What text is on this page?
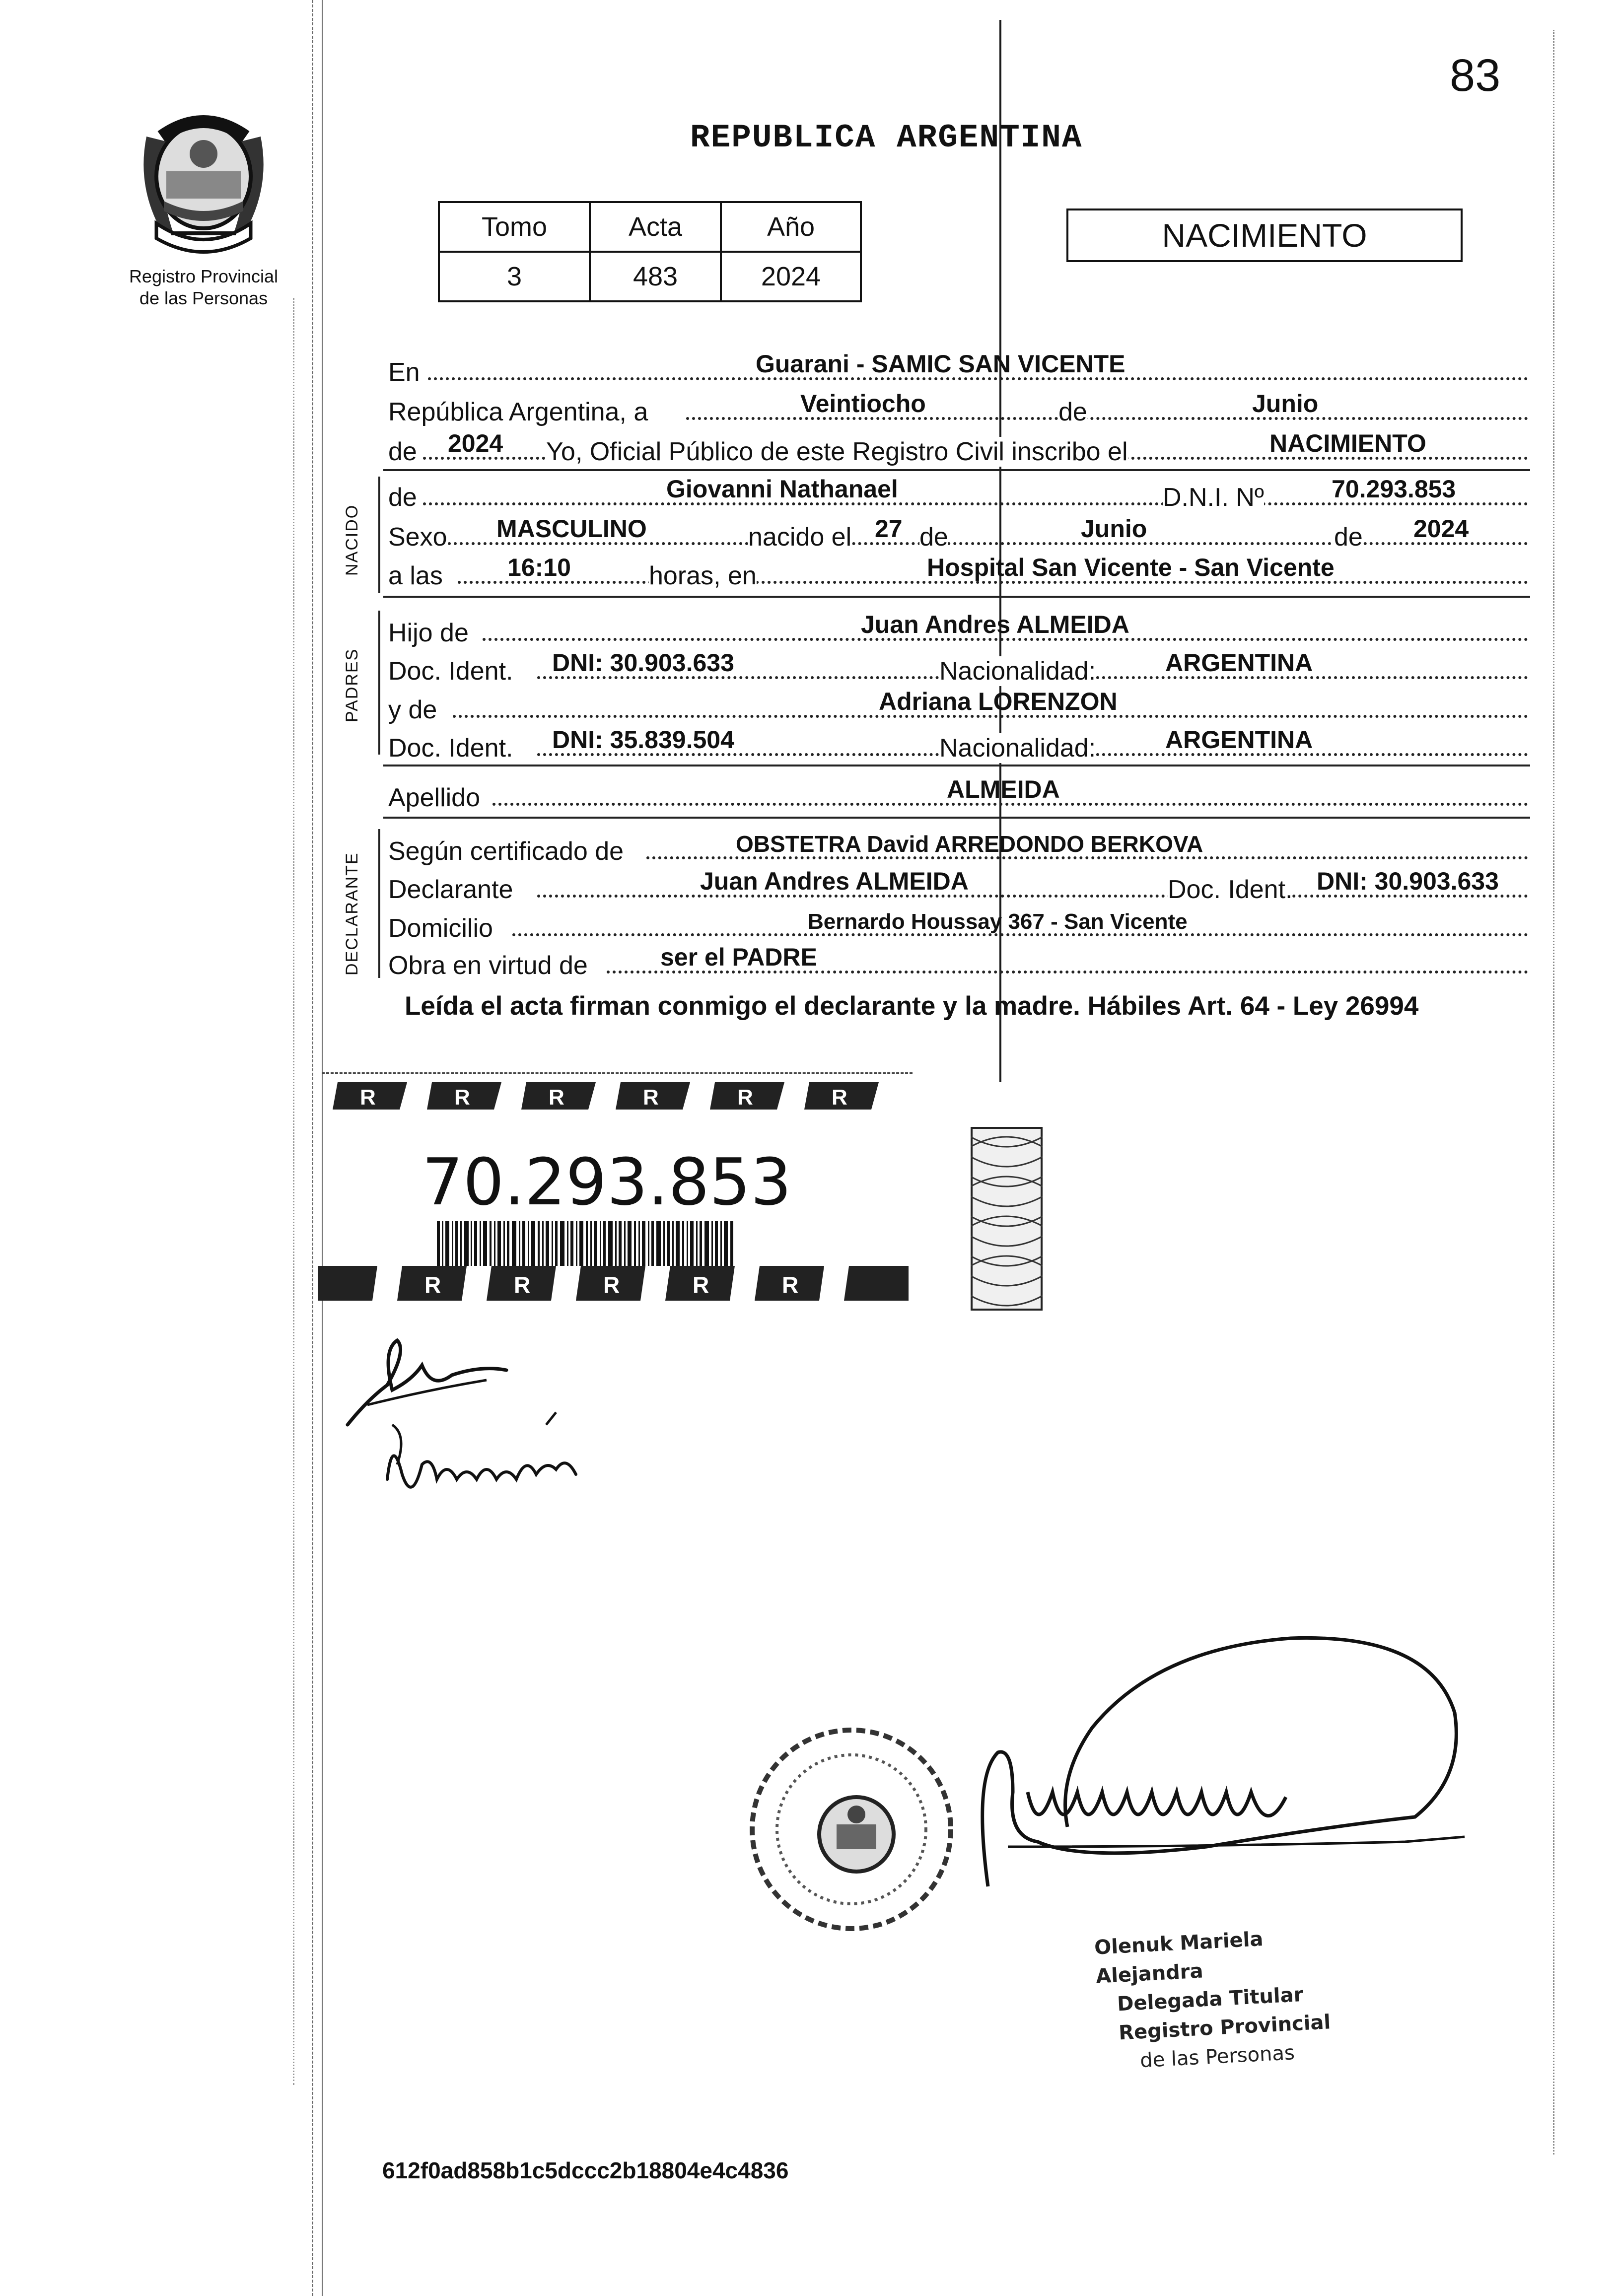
83
Registro Provincial
de las Personas
REPUBLICA ARGENTINA
Tomo	Acta	Año
3	483	2024
NACIMIENTO
En	Guarani - SAMIC SAN VICENTE
República Argentina, a	Veintiocho	de	Junio
de 2024 Yo, Oficial Público de este Registro Civil inscribo el	NACIMIENTO
NACIDO
de	Giovanni Nathanael	D.N.I. Nº	70.293.853
Sexo MASCULINO	nacido el 27 de	Junio	de 2024
a las	16:10	horas, en	Hospital San Vicente - San Vicente
PADRES
Hijo de	Juan Andres ALMEIDA
Doc. Ident. DNI: 30.903.633	Nacionalidad:	ARGENTINA
y de	Adriana LORENZON
Doc. Ident. DNI: 35.839.504	Nacionalidad:	ARGENTINA
Apellido	ALMEIDA
DECLARANTE
Según certificado de	OBSTETRA David ARREDONDO BERKOVA
Declarante	Juan Andres ALMEIDA	Doc. Ident. DNI: 30.903.633
Domicilio	Bernardo Houssay 367 - San Vicente
Obra en virtud de	ser el PADRE
Leída el acta firman conmigo el declarante y la madre. Hábiles Art. 64 - Ley 26994
R	R	R	R	R	R
70.293.853
R	R	R	R	R
Olenuk Mariela Alejandra
Delegada Titular
Registro Provincial
de las Personas
612f0ad858b1c5dccc2b18804e4c4836
